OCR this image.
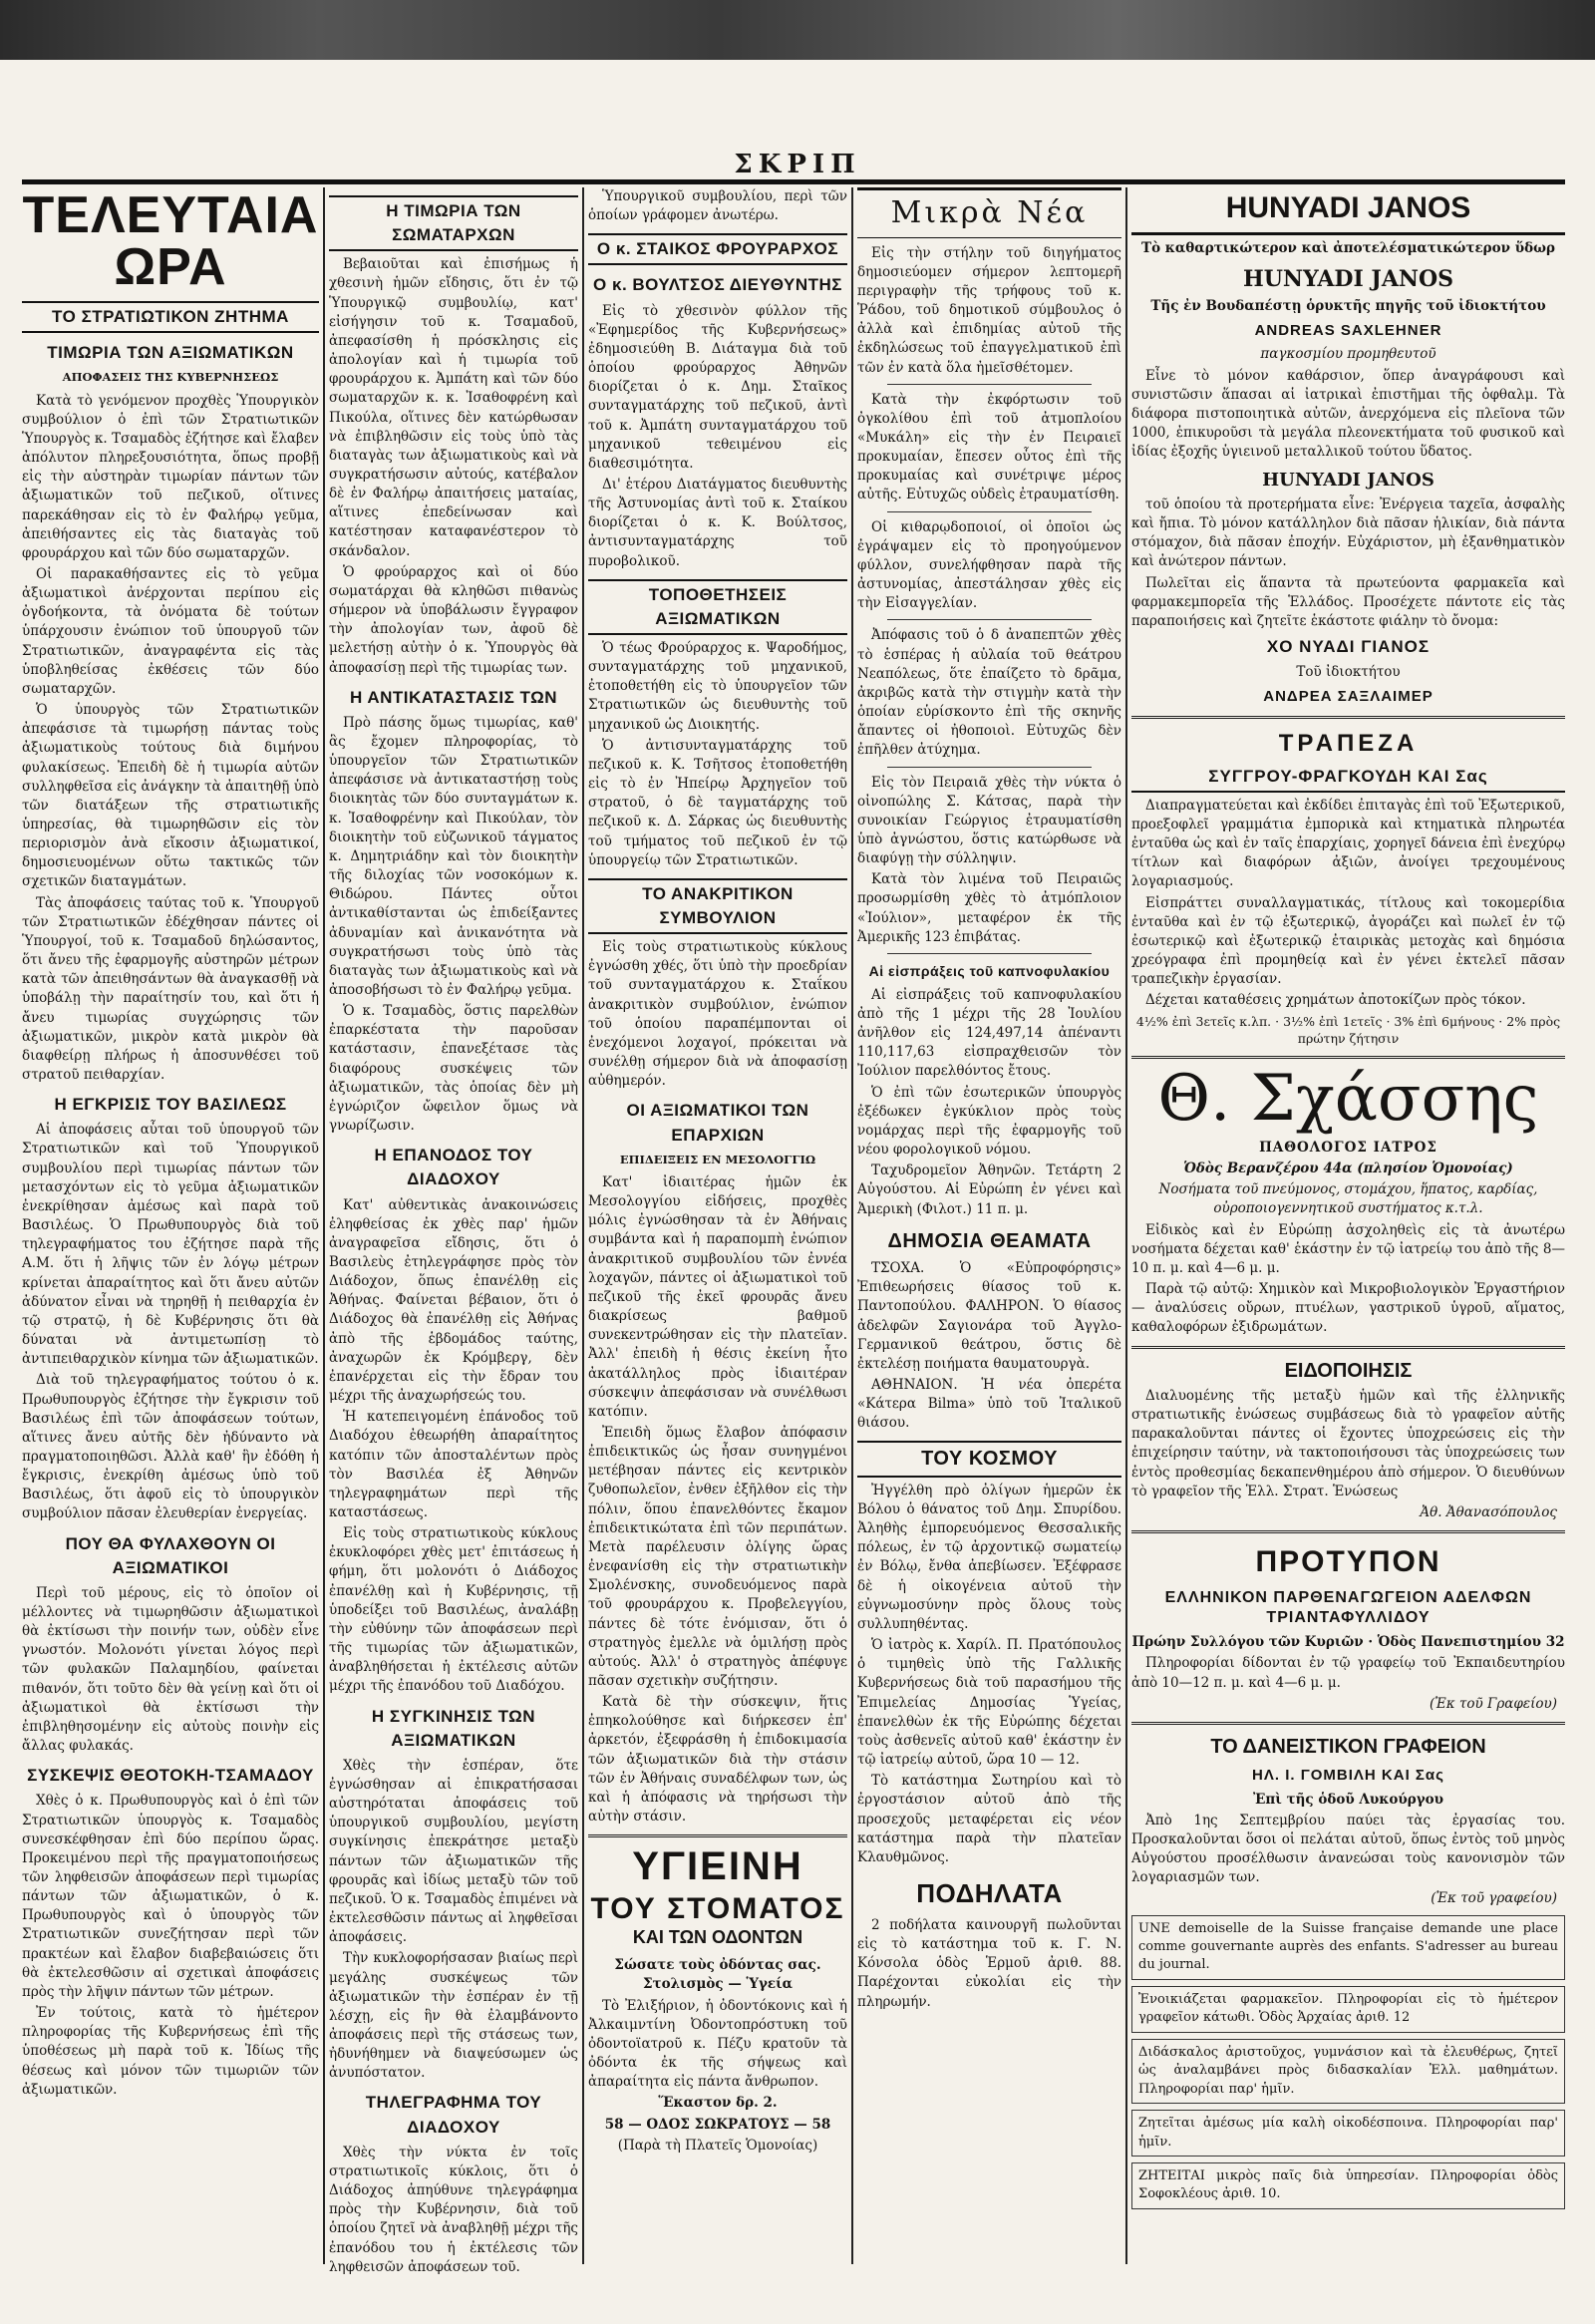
ΣΚΡΙΠ
ΤΕΛΕΥΤΑΙΑ ΩΡΑ
ΤΟ ΣΤΡΑΤΙΩΤΙΚΟΝ ΖΗΤΗΜΑ
ΤΙΜΩΡΙΑ ΤΩΝ ΑΞΙΩΜΑΤΙΚΩΝ
ΑΠΟΦΑΣΕΙΣ ΤΗΣ ΚΥΒΕΡΝΗΣΕΩΣ

Κατὰ τὸ γενόμενον προχθὲς Ὑπουργικὸν συμβούλιον ὁ ἐπὶ τῶν Στρατιωτικῶν Ὑπουργὸς κ. Τσαμαδὸς ἐζήτησε καὶ ἔλαβεν ἀπόλυτον πληρεξουσιότητα, ὅπως προβῇ εἰς τὴν αὐστηρὰν τιμωρίαν πάντων τῶν ἀξιωματικῶν τοῦ πεζικοῦ, οἵτινες παρεκάθησαν εἰς τὸ ἐν Φαλήρῳ γεῦμα, ἀπειθήσαντες εἰς τὰς διαταγὰς τοῦ φρουράρχου καὶ τῶν δύο σωματαρχῶν.

Οἱ παρακαθήσαντες εἰς τὸ γεῦμα ἀξιωματικοὶ ἀνέρχονται περίπου εἰς ὀγδοήκοντα, τὰ ὀνόματα δὲ τούτων ὑπάρχουσιν ἐνώπιον τοῦ ὑπουργοῦ τῶν Στρατιωτικῶν, ἀναγραφέντα εἰς τὰς ὑποβληθείσας ἐκθέσεις τῶν δύο σωματαρχῶν.

Ὁ ὑπουργὸς τῶν Στρατιωτικῶν ἀπεφάσισε τὰ τιμωρήσῃ πάντας τοὺς ἀξιωματικοὺς τούτους διὰ διμήνου φυλακίσεως. Ἐπειδὴ δὲ ἡ τιμωρία αὐτῶν συλληφθεῖσα εἰς ἀνάγκην τὰ ἀπαιτηθῇ ὑπὸ τῶν διατάξεων τῆς στρατιωτικῆς ὑπηρεσίας, θὰ τιμωρηθῶσιν εἰς τὸν περιορισμὸν ἀνὰ εἴκοσιν ἀξιωματικοί, δημοσιευομένων οὕτω τακτικῶς τῶν σχετικῶν διαταγμάτων.

Τὰς ἀποφάσεις ταύτας τοῦ κ. Ὑπουργοῦ τῶν Στρατιωτικῶν ἐδέχθησαν πάντες οἱ Ὑπουργοί, τοῦ κ. Τσαμαδοῦ δηλώσαντος, ὅτι ἄνευ τῆς ἐφαρμογῆς αὐστηρῶν μέτρων κατὰ τῶν ἀπειθησάντων θὰ ἀναγκασθῇ νὰ ὑποβάλῃ τὴν παραίτησίν του, καὶ ὅτι ἡ ἄνευ τιμωρίας συγχώρησις τῶν ἀξιωματικῶν, μικρὸν κατὰ μικρὸν θὰ διαφθείρῃ πλήρως ἡ ἀποσυνθέσει τοῦ στρατοῦ πειθαρχίαν.

Η ΕΓΚΡΙΣΙΣ ΤΟΥ ΒΑΣΙΛΕΩΣ

Αἱ ἀποφάσεις αὗται τοῦ ὑπουργοῦ τῶν Στρατιωτικῶν καὶ τοῦ Ὑπουργικοῦ συμβουλίου περὶ τιμωρίας πάντων τῶν μετασχόντων εἰς τὸ γεῦμα ἀξιωματικῶν ἐνεκρίθησαν ἀμέσως καὶ παρὰ τοῦ Βασιλέως. Ὁ Πρωθυπουργὸς διὰ τοῦ τηλεγραφήματος του ἐζήτησε παρὰ τῆς Α.Μ. ὅτι ἡ λῆψις τῶν ἐν λόγῳ μέτρων κρίνεται ἀπαραίτητος καὶ ὅτι ἄνευ αὐτῶν ἀδύνατον εἶναι νὰ τηρηθῇ ἡ πειθαρχία ἐν τῷ στρατῷ, ἡ δὲ Κυβέρνησις ὅτι θὰ δύναται νὰ ἀντιμετωπίσῃ τὸ ἀντιπειθαρχικὸν κίνημα τῶν ἀξιωματικῶν.

Διὰ τοῦ τηλεγραφήματος τούτου ὁ κ. Πρωθυπουργὸς ἐζήτησε τὴν ἔγκρισιν τοῦ Βασιλέως ἐπὶ τῶν ἀποφάσεων τούτων, αἵτινες ἄνευ αὐτῆς δὲν ἠδύναντο νὰ πραγματοποιηθῶσι. Ἀλλὰ καθ' ἣν ἐδόθη ἡ ἔγκρισις, ἐνεκρίθη ἀμέσως ὑπὸ τοῦ Βασιλέως, ὅτι ἀφοῦ εἰς τὸ ὑπουργικὸν συμβούλιον πᾶσαν ἐλευθερίαν ἐνεργείας.

ΠΟΥ ΘΑ ΦΥΛΑΧΘΟΥΝ ΟΙ ΑΞΙΩΜΑΤΙΚΟΙ

Περὶ τοῦ μέρους, εἰς τὸ ὁποῖον οἱ μέλλοντες νὰ τιμωρηθῶσιν ἀξιωματικοὶ θὰ ἐκτίσωσι τὴν ποινήν των, οὐδὲν εἶνε γνωστόν. Μολονότι γίνεται λόγος περὶ τῶν φυλακῶν Παλαμηδίου, φαίνεται πιθανόν, ὅτι τοῦτο δὲν θὰ γείνῃ καὶ ὅτι οἱ ἀξιωματικοὶ θὰ ἐκτίσωσι τὴν ἐπιβληθησομένην εἰς αὐτοὺς ποινὴν εἰς ἄλλας φυλακάς.

ΣΥΣΚΕΨΙΣ ΘΕΟΤΟΚΗ-ΤΣΑΜΑΔΟΥ

Χθὲς ὁ κ. Πρωθυπουργὸς καὶ ὁ ἐπὶ τῶν Στρατιωτικῶν ὑπουργὸς κ. Τσαμαδὸς συνεσκέφθησαν ἐπὶ δύο περίπου ὥρας. Προκειμένου περὶ τῆς πραγματοποιήσεως τῶν ληφθεισῶν ἀποφάσεων περὶ τιμωρίας πάντων τῶν ἀξιωματικῶν, ὁ κ. Πρωθυπουργὸς καὶ ὁ ὑπουργὸς τῶν Στρατιωτικῶν συνεζήτησαν περὶ τῶν πρακτέων καὶ ἔλαβον διαβεβαιώσεις ὅτι θὰ ἐκτελεσθῶσιν αἱ σχετικαὶ ἀποφάσεις πρὸς τὴν λῆψιν πάντων τῶν μέτρων.

Ἐν τούτοις, κατὰ τὸ ἡμέτερον πληροφορίας τῆς Κυβερνήσεως ἐπὶ τῆς ὑποθέσεως μὴ παρὰ τοῦ κ. Ἰδίως τῆς θέσεως καὶ μόνον τῶν τιμωριῶν τῶν ἀξιωματικῶν.

Η ΤΙΜΩΡΙΑ ΤΩΝ ΣΩΜΑΤΑΡΧΩΝ

Βεβαιοῦται καὶ ἐπισήμως ἡ χθεσινὴ ἡμῶν εἴδησις, ὅτι ἐν τῷ Ὑπουργικῷ συμβουλίῳ, κατ' εἰσήγησιν τοῦ κ. Τσαμαδοῦ, ἀπεφασίσθη ἡ πρόσκλησις εἰς ἀπολογίαν καὶ ἡ τιμωρία τοῦ φρουράρχου κ. Ἀμπάτη καὶ τῶν δύο σωματαρχῶν κ. κ. Ἰσαθοφρένη καὶ Πικούλα, οἵτινες δὲν κατώρθωσαν νὰ ἐπιβληθῶσιν εἰς τοὺς ὑπὸ τὰς διαταγὰς των ἀξιωματικοὺς καὶ νὰ συγκρατήσωσιν αὐτούς, κατέβαλον δὲ ἐν Φαλήρῳ ἀπαιτήσεις ματαίας, αἵτινες ἐπεδείνωσαν καὶ κατέστησαν καταφανέστερον τὸ σκάνδαλον.

Ὁ φρούραρχος καὶ οἱ δύο σωματάρχαι θὰ κληθῶσι πιθανὼς σήμερον νὰ ὑποβάλωσιν ἔγγραφον τὴν ἀπολογίαν των, ἀφοῦ δὲ μελετήσῃ αὐτὴν ὁ κ. Ὑπουργὸς θὰ ἀποφασίσῃ περὶ τῆς τιμωρίας των.

Η ΑΝΤΙΚΑΤΑΣΤΑΣΙΣ ΤΩΝ

Πρὸ πάσης ὅμως τιμωρίας, καθ' ἃς ἔχομεν πληροφορίας, τὸ ὑπουργεῖον τῶν Στρατιωτικῶν ἀπεφάσισε νὰ ἀντικαταστήσῃ τοὺς διοικητὰς τῶν δύο συνταγμάτων κ. κ. Ἰσαθοφρένην καὶ Πικούλαν, τὸν διοικητὴν τοῦ εὐζωνικοῦ τάγματος κ. Δημητριάδην καὶ τὸν διοικητὴν τῆς διλοχίας τῶν νοσοκόμων κ. Θιδώρου. Πάντες οὗτοι ἀντικαθίστανται ὡς ἐπιδείξαντες ἀδυναμίαν καὶ ἀνικανότητα νὰ συγκρατήσωσι τοὺς ὑπὸ τὰς διαταγὰς των ἀξιωματικοὺς καὶ νὰ ἀποσοβήσωσι τὸ ἐν Φαλήρῳ γεῦμα.

Ὁ κ. Τσαμαδὸς, ὅστις παρελθὼν ἐπαρκέστατα τὴν παροῦσαν κατάστασιν, ἐπανεξέτασε τὰς διαφόρους συσκέψεις τῶν ἀξιωματικῶν, τὰς ὁποίας δὲν μὴ ἐγνώριζον ὤφειλον ὅμως νὰ γνωρίζωσιν.

Η ΕΠΑΝΟΔΟΣ ΤΟΥ ΔΙΑΔΟΧΟΥ

Κατ' αὐθεντικὰς ἀνακοινώσεις ἐληφθείσας ἐκ χθὲς παρ' ἡμῶν ἀναγραφεῖσα εἴδησις, ὅτι ὁ Βασιλεὺς ἐτηλεγράφησε πρὸς τὸν Διάδοχον, ὅπως ἐπανέλθῃ εἰς Ἀθήνας. Φαίνεται βέβαιον, ὅτι ὁ Διάδοχος θὰ ἐπανέλθῃ εἰς Ἀθήνας ἀπὸ τῆς ἑβδομάδος ταύτης, ἀναχωρῶν ἐκ Κρόμβεργ, δὲν ἐπανέρχεται εἰς τὴν ἔδραν του μέχρι τῆς ἀναχωρήσεώς του.

Ἡ κατεπειγομένη ἐπάνοδος τοῦ Διαδόχου ἐθεωρήθη ἀπαραίτητος κατόπιν τῶν ἀποσταλέντων πρὸς τὸν Βασιλέα ἐξ Ἀθηνῶν τηλεγραφημάτων περὶ τῆς καταστάσεως.

Εἰς τοὺς στρατιωτικοὺς κύκλους ἐκυκλοφόρει χθὲς μετ' ἐπιτάσεως ἡ φήμη, ὅτι μολονότι ὁ Διάδοχος ἐπανέλθῃ καὶ ἡ Κυβέρνησις, τῇ ὑποδείξει τοῦ Βασιλέως, ἀναλάβῃ τὴν εὐθύνην τῶν ἀποφάσεων περὶ τῆς τιμωρίας τῶν ἀξιωματικῶν, ἀναβληθήσεται ἡ ἐκτέλεσις αὐτῶν μέχρι τῆς ἐπανόδου τοῦ Διαδόχου.

Η ΣΥΓΚΙΝΗΣΙΣ ΤΩΝ ΑΞΙΩΜΑΤΙΚΩΝ

Χθὲς τὴν ἑσπέραν, ὅτε ἐγνώσθησαν αἱ ἐπικρατήσασαι αὐστηρόταται ἀποφάσεις τοῦ ὑπουργικοῦ συμβουλίου, μεγίστη συγκίνησις ἐπεκράτησε μεταξὺ πάντων τῶν ἀξιωματικῶν τῆς φρουρᾶς καὶ ἰδίως μεταξὺ τῶν τοῦ πεζικοῦ. Ὁ κ. Τσαμαδὸς ἐπιμένει νὰ ἐκτελεσθῶσιν πάντως αἱ ληφθεῖσαι ἀποφάσεις.

Τὴν κυκλοφορήσασαν βιαίως περὶ μεγάλης συσκέψεως τῶν ἀξιωματικῶν τὴν ἑσπέραν ἐν τῇ λέσχῃ, εἰς ἣν θὰ ἐλαμβάνοντο ἀποφάσεις περὶ τῆς στάσεως των, ἠδυνήθημεν νὰ διαψεύσωμεν ὡς ἀνυπόστατον.

ΤΗΛΕΓΡΑΦΗΜΑ ΤΟΥ ΔΙΑΔΟΧΟΥ

Χθὲς τὴν νύκτα ἐν τοῖς στρατιωτικοῖς κύκλοις, ὅτι ὁ Διάδοχος ἀπηύθυνε τηλεγράφημα πρὸς τὴν Κυβέρνησιν, διὰ τοῦ ὁποίου ζητεῖ νὰ ἀναβληθῇ μέχρι τῆς ἐπανόδου του ἡ ἐκτέλεσις τῶν ληφθεισῶν ἀποφάσεων τοῦ.

Ὑπουργικοῦ συμβουλίου, περὶ τῶν ὁποίων γράφομεν ἀνωτέρω.

Ο κ. ΣΤΑΙΚΟΣ ΦΡΟΥΡΑΡΧΟΣ
Ο κ. ΒΟΥΛΤΣΟΣ ΔΙΕΥΘΥΝΤΗΣ

Εἰς τὸ χθεσινὸν φύλλον τῆς «Ἐφημερίδος τῆς Κυβερνήσεως» ἐδημοσιεύθη Β. Διάταγμα διὰ τοῦ ὁποίου φρούραρχος Ἀθηνῶν διορίζεται ὁ κ. Δημ. Σταῖκος συνταγματάρχης τοῦ πεζικοῦ, ἀντὶ τοῦ κ. Ἀμπάτη συνταγματάρχου τοῦ μηχανικοῦ τεθειμένου εἰς διαθεσιμότητα.

Δι' ἑτέρου Διατάγματος διευθυντὴς τῆς Ἀστυνομίας ἀντὶ τοῦ κ. Σταίκου διορίζεται ὁ κ. Κ. Βούλτσος, ἀντισυνταγματάρχης τοῦ πυροβολικοῦ.

ΤΟΠΟΘΕΤΗΣΕΙΣ ΑΞΙΩΜΑΤΙΚΩΝ

Ὁ τέως Φρούραρχος κ. Ψαροδήμος, συνταγματάρχης τοῦ μηχανικοῦ, ἐτοποθετήθη εἰς τὸ ὑπουργεῖον τῶν Στρατιωτικῶν ὡς διευθυντὴς τοῦ μηχανικοῦ ὡς Διοικητής.

Ὁ ἀντισυνταγματάρχης τοῦ πεζικοῦ κ. Κ. Τσῆτσος ἐτοποθετήθη εἰς τὸ ἐν Ἠπείρῳ Ἀρχηγεῖον τοῦ στρατοῦ, ὁ δὲ ταγματάρχης τοῦ πεζικοῦ κ. Δ. Σάρκας ὡς διευθυντὴς τοῦ τμήματος τοῦ πεζικοῦ ἐν τῷ ὑπουργείῳ τῶν Στρατιωτικῶν.

ΤΟ ΑΝΑΚΡΙΤΙΚΟΝ ΣΥΜΒΟΥΛΙΟΝ

Εἰς τοὺς στρατιωτικοὺς κύκλους ἐγνώσθη χθές, ὅτι ὑπὸ τὴν προεδρίαν τοῦ συνταγματάρχου κ. Σταΐκου ἀνακριτικὸν συμβούλιον, ἐνώπιον τοῦ ὁποίου παραπέμπονται οἱ ἐνεχόμενοι λοχαγοί, πρόκειται νὰ συνέλθῃ σήμερον διὰ νὰ ἀποφασίσῃ αὐθημερόν.

ΟΙ ΑΞΙΩΜΑΤΙΚΟΙ ΤΩΝ ΕΠΑΡΧΙΩΝ
ΕΠΙΔΕΙΞΕΙΣ ΕΝ ΜΕΣΟΛΟΓΓΙΩ

Κατ' ἰδιαιτέρας ἡμῶν ἐκ Μεσολογγίου εἰδήσεις, προχθὲς μόλις ἐγνώσθησαν τὰ ἐν Ἀθήναις συμβάντα καὶ ἡ παραπομπὴ ἐνώπιον ἀνακριτικοῦ συμβουλίου τῶν ἐννέα λοχαγῶν, πάντες οἱ ἀξιωματικοὶ τοῦ πεζικοῦ τῆς ἐκεῖ φρουρᾶς ἄνευ διακρίσεως βαθμοῦ συνεκεντρώθησαν εἰς τὴν πλατεῖαν. Ἀλλ' ἐπειδὴ ἡ θέσις ἐκείνη ἦτο ἀκατάλληλος πρὸς ἰδιαιτέραν σύσκεψιν ἀπεφάσισαν νὰ συνέλθωσι κατόπιν.

Ἐπειδὴ ὅμως ἔλαβον ἀπόφασιν ἐπιδεικτικῶς ὡς ἦσαν συνηγμένοι μετέβησαν πάντες εἰς κεντρικὸν ζυθοπωλεῖον, ἐνθεν ἐξῆλθον εἰς τὴν πόλιν, ὅπου ἐπανελθόντες ἔκαμον ἐπιδεικτικώτατα ἐπὶ τῶν περιπάτων. Μετὰ παρέλευσιν ὀλίγης ὥρας ἐνεφανίσθη εἰς τὴν στρατιωτικὴν Σμολένσκης, συνοδευόμενος παρὰ τοῦ φρουράρχου κ. Προβελεγγίου, πάντες δὲ τότε ἐνόμισαν, ὅτι ὁ στρατηγὸς ἐμελλε νὰ ὁμιλήσῃ πρὸς αὐτούς. Ἀλλ' ὁ στρατηγὸς ἀπέφυγε πᾶσαν σχετικὴν συζήτησιν.

Κατὰ δὲ τὴν σύσκεψιν, ἥτις ἐπηκολούθησε καὶ διήρκεσεν ἐπ' ἀρκετόν, ἐξεφράσθη ἡ ἐπιδοκιμασία τῶν ἀξιωματικῶν διὰ τὴν στάσιν τῶν ἐν Ἀθήναις συναδέλφων των, ὡς καὶ ἡ ἀπόφασις νὰ τηρήσωσι τὴν αὐτὴν στάσιν.

ΥΓΙΕΙΝΗ
ΤΟΥ ΣΤΟΜΑΤΟΣ
ΚΑΙ ΤΩΝ ΟΔΟΝΤΩΝ
Σώσατε τοὺς ὀδόντας σας. Στολισμὸς — Ὑγεία

Τὸ Ἐλιξήριον, ἡ ὀδοντόκονις καὶ ἡ Ἀλκαιμντίνη Ὀδοντοπρόστυκη τοῦ ὀδοντοϊατροῦ κ. Πέζυ κρατοῦν τὰ ὀδόντα ἐκ τῆς σήψεως καὶ ἀπαραίτητα εἰς πάντα ἄνθρωπον.

Ἕκαστον δρ. 2.
58 — ΟΔΟΣ ΣΩΚΡΑΤΟΥΣ — 58
(Παρὰ τὴ Πλατεῖς Ὁμονοίας)
Μικρὰ Νέα

Εἰς τὴν στήλην τοῦ διηγήματος δημοσιεύομεν σήμερον λεπτομερῆ περιγραφὴν τῆς τρήφους τοῦ κ. Ῥάδου, τοῦ δημοτικοῦ σύμβουλος ὁ ἀλλὰ καὶ ἐπιδημίας αὐτοῦ τῆς ἐκδηλώσεως τοῦ ἐπαγγελματικοῦ ἐπὶ τῶν ἐν κατὰ ὅλα ἠμεῖσθέτομεν.

Κατὰ τὴν ἐκφόρτωσιν τοῦ ὀγκολίθου ἐπὶ τοῦ ἀτμοπλοίου «Μυκάλη» εἰς τὴν ἐν Πειραιεῖ προκυμαίαν, ἔπεσεν οὗτος ἐπὶ τῆς προκυμαίας καὶ συνέτριψε μέρος αὐτῆς. Εὐτυχῶς οὐδεὶς ἐτραυματίσθη.

Οἱ κιθαρῳδοποιοί, οἱ ὁποῖοι ὡς ἐγράψαμεν εἰς τὸ προηγούμενον φύλλον, συνελήφθησαν παρὰ τῆς ἀστυνομίας, ἀπεστάλησαν χθὲς εἰς τὴν Εἰσαγγελίαν.

Ἀπόφασις τοῦ ὁ δ ἀναπεπτῶν χθὲς τὸ ἑσπέρας ἡ αὐλαία τοῦ θεάτρου Νεαπόλεως, ὅτε ἐπαίζετο τὸ δρᾶμα, ἀκριβῶς κατὰ τὴν στιγμὴν κατὰ τὴν ὁποίαν εὑρίσκοντο ἐπὶ τῆς σκηνῆς ἄπαντες οἱ ἠθοποιοὶ. Εὐτυχῶς δὲν ἐπῆλθεν ἀτύχημα.

Εἰς τὸν Πειραιᾶ χθὲς τὴν νύκτα ὁ οἰνοπώλης Σ. Κάτσας, παρὰ τὴν συνοικίαν Γεώργιος ἐτραυματίσθη ὑπὸ ἀγνώστου, ὅστις κατώρθωσε νὰ διαφύγῃ τὴν σύλληψιν.

Κατὰ τὸν λιμένα τοῦ Πειραιῶς προσωρμίσθη χθὲς τὸ ἀτμόπλοιον «Ἰούλιον», μεταφέρον ἐκ τῆς Ἀμερικῆς 123 ἐπιβάτας.

Αἱ εἰσπράξεις τοῦ καπνοφυλακίου

Αἱ εἰσπράξεις τοῦ καπνοφυλακίου ἀπὸ τῆς 1 μέχρι τῆς 28 Ἰουλίου ἀνῆλθον εἰς 124,497,14 ἀπέναντι 110,117,63 εἰσπραχθεισῶν τὸν Ἰούλιον παρελθόντος ἔτους.

Ὁ ἐπὶ τῶν ἐσωτερικῶν ὑπουργὸς ἐξέδωκεν ἐγκύκλιον πρὸς τοὺς νομάρχας περὶ τῆς ἐφαρμογῆς τοῦ νέου φορολογικοῦ νόμου.

Ταχυδρομεῖον Ἀθηνῶν. Τετάρτη 2 Αὐγούστου. Αἱ Εὐρώπη ἐν γένει καὶ Ἀμερικὴ (Φιλοτ.) 11 π. μ.

ΔΗΜΟΣΙΑ ΘΕΑΜΑΤΑ

ΤΣΟΧΑ. Ὁ «Εὐπροφόρησις» Ἐπιθεωρήσεις θίασος τοῦ κ. Παντοπούλου. ΦΑΛΗΡΟΝ. Ὁ θίασος ἀδελφῶν Σαγιονάρα τοῦ Ἀγγλο-Γερμανικοῦ θεάτρου, ὅστις δὲ ἐκτελέσῃ ποιήματα θαυματουργὰ.

ΑΘΗΝΑΙΟΝ. Ἡ νέα ὀπερέτα «Κάτερα Bilma» ὑπὸ τοῦ Ἰταλικοῦ θιάσου.

ΤΟΥ ΚΟΣΜΟΥ

Ἠγγέλθη πρὸ ὀλίγων ἡμερῶν ἐκ Βόλου ὁ θάνατος τοῦ Δημ. Σπυρίδου. Ἀληθὴς ἐμπορευόμενος Θεσσαλικῆς πόλεως, ἐν τῷ ἀρχοντικῷ σωματείῳ ἐν Βόλῳ, ἔνθα ἀπεβίωσεν. Ἐξέφρασε δὲ ἡ οἰκογένεια αὐτοῦ τὴν εὐγνωμοσύνην πρὸς ὅλους τοὺς συλλυπηθέντας.

Ὁ ἰατρὸς κ. Χαρίλ. Π. Πρατόπουλος ὁ τιμηθεὶς ὑπὸ τῆς Γαλλικῆς Κυβερνήσεως διὰ τοῦ παρασήμου τῆς Ἐπιμελείας Δημοσίας Ὑγείας, ἐπανελθὼν ἐκ τῆς Εὐρώπης δέχεται τοὺς ἀσθενεῖς αὐτοῦ καθ' ἑκάστην ἐν τῷ ἰατρείῳ αὐτοῦ, ὥρα 10 — 12.

Τὸ κατάστημα Σωτηρίου καὶ τὸ ἐργοστάσιον αὐτοῦ ἀπὸ τῆς προσεχοῦς μεταφέρεται εἰς νέον κατάστημα παρὰ τὴν πλατεῖαν Κλαυθμῶνος.

ΠΟΔΗΛΑΤΑ

2 ποδήλατα καινουργῆ πωλοῦνται εἰς τὸ κατάστημα τοῦ κ. Γ. Ν. Κόνσολα ὁδὸς Ἑρμοῦ ἀριθ. 88. Παρέχονται εὐκολίαι εἰς τὴν πληρωμήν.

HUNYADI JANOS
Τὸ καθαρτικώτερον καὶ ἀποτελέσματικώτερον ὕδωρ
HUNYADI JANOS
Τῆς ἐν Βουδαπέστῃ ὁρυκτῆς πηγῆς τοῦ ἰδιοκτήτου
ANDREAS SAXLEHNER
παγκοσμίου προμηθευτοῦ

Εἶνε τὸ μόνον καθάρσιον, ὅπερ ἀναγράφουσι καὶ συνιστῶσιν ἅπασαι αἱ ἰατρικαὶ ἐπιστῆμαι τῆς ὀφθαλμ. Τὰ διάφορα πιστοποιητικὰ αὐτῶν, ἀνερχόμενα εἰς πλεῖονα τῶν 1000, ἐπικυροῦσι τὰ μεγάλα πλεονεκτήματα τοῦ φυσικοῦ καὶ ἰδίας ἐξοχῆς ὑγιεινοῦ μεταλλικοῦ τούτου ὕδατος.

HUNYADI JANOS

τοῦ ὁποίου τὰ προτερήματα εἶνε: Ἐνέργεια ταχεῖα, ἀσφαλὴς καὶ ἤπια. Τὸ μόνον κατάλληλον διὰ πᾶσαν ἡλικίαν, διὰ πάντα στόμαχον, διὰ πᾶσαν ἐποχήν. Εὐχάριστον, μὴ ἐξανθηματικὸν καὶ ἀνώτερον πάντων.

Πωλεῖται εἰς ἅπαντα τὰ πρωτεύοντα φαρμακεῖα καὶ φαρμακεμπορεῖα τῆς Ἑλλάδος. Προσέχετε πάντοτε εἰς τὰς παραποιήσεις καὶ ζητεῖτε ἑκάστοτε φιάλην τὸ ὄνομα:

ΧΟ ΝΥΑΔΙ ΓΙΑΝΟΣ
Τοῦ ἰδιοκτήτου
ΑΝΔΡΕΑ ΣΑΞΛΑΙΜΕΡ
ΤΡΑΠΕΖΑ
ΣΥΓΓΡΟΥ-ΦΡΑΓΚΟΥΔΗ ΚΑΙ Σας

Διαπραγματεύεται καὶ ἐκδίδει ἐπιταγὰς ἐπὶ τοῦ Ἐξωτερικοῦ, προεξοφλεῖ γραμμάτια ἐμπορικὰ καὶ κτηματικὰ πληρωτέα ἐνταῦθα ὡς καὶ ἐν ταῖς ἐπαρχίαις, χορηγεῖ δάνεια ἐπὶ ἐνεχύρῳ τίτλων καὶ διαφόρων ἀξιῶν, ἀνοίγει τρεχουμένους λογαριασμούς.

Εἰσπράττει συναλλαγματικάς, τίτλους καὶ τοκομερίδια ἐνταῦθα καὶ ἐν τῷ ἐξωτερικῷ, ἀγοράζει καὶ πωλεῖ ἐν τῷ ἐσωτερικῷ καὶ ἐξωτερικῷ ἐταιρικὰς μετοχὰς καὶ δημόσια χρεόγραφα ἐπὶ προμηθείᾳ καὶ ἐν γένει ἐκτελεῖ πᾶσαν τραπεζικὴν ἐργασίαν.

Δέχεται καταθέσεις χρημάτων ἀποτοκίζων πρὸς τόκον.

4½% ἐπὶ 3ετεῖς κ.λπ. · 3½% ἐπὶ 1ετεῖς · 3% ἐπὶ 6μήνους · 2% πρὸς πρώτην ζήτησιν
Θ. Σχάσσης
ΠΑΘΟΛΟΓΟΣ ΙΑΤΡΟΣ
Ὁδὸς Βερανζέρου 44α (πλησίον Ὁμονοίας)
Νοσήματα τοῦ πνεύμονος, στομάχου, ἥπατος, καρδίας, οὐροποιογεννητικοῦ συστήματος κ.τ.λ.

Εἰδικὸς καὶ ἐν Εὐρώπῃ ἀσχοληθεὶς εἰς τὰ ἀνωτέρω νοσήματα δέχεται καθ' ἑκάστην ἐν τῷ ἰατρείῳ του ἀπὸ τῆς 8—10 π. μ. καὶ 4—6 μ. μ.

Παρὰ τῷ αὐτῷ: Χημικὸν καὶ Μικροβιολογικὸν Ἐργαστήριον — ἀναλύσεις οὔρων, πτυέλων, γαστρικοῦ ὑγροῦ, αἵματος, καθαλοφόρων ἐξιδρωμάτων.

ΕΙΔΟΠΟΙΗΣΙΣ

Διαλυομένης τῆς μεταξὺ ἡμῶν καὶ τῆς ἐλληνικῆς στρατιωτικῆς ἐνώσεως συμβάσεως διὰ τὸ γραφεῖον αὐτῆς παρακαλοῦνται πάντες οἱ ἔχοντες ὑποχρεώσεις εἰς τὴν ἐπιχείρησιν ταύτην, νὰ τακτοποιήσουσι τὰς ὑποχρεώσεις των ἐντὸς προθεσμίας δεκαπενθημέρου ἀπὸ σήμερον. Ὁ διευθύνων τὸ γραφεῖον τῆς Ἑλλ. Στρατ. Ἑνώσεως

Ἀθ. Ἀθανασόπουλος
ΠΡΟΤΥΠΟΝ
ΕΛΛΗΝΙΚΟΝ ΠΑΡΘΕΝΑΓΩΓΕΙΟΝ ΑΔΕΛΦΩΝ ΤΡΙΑΝΤΑΦΥΛΛΙΔΟΥ
Πρώην Συλλόγου τῶν Κυριῶν · Ὁδὸς Πανεπιστημίου 32

Πληροφορίαι δίδονται ἐν τῷ γραφείῳ τοῦ Ἐκπαιδευτηρίου ἀπὸ 10—12 π. μ. καὶ 4—6 μ. μ.

(Ἐκ τοῦ Γραφείου)
ΤΟ ΔΑΝΕΙΣΤΙΚΟΝ ΓΡΑΦΕΙΟΝ
ΗΛ. Ι. ΓΟΜΒΙΛΗ ΚΑΙ Σας
Ἐπὶ τῆς ὁδοῦ Λυκούργου

Ἀπὸ 1ης Σεπτεμβρίου παύει τὰς ἐργασίας του. Προσκαλοῦνται ὅσοι οἱ πελάται αὐτοῦ, ὅπως ἐντὸς τοῦ μηνὸς Αὐγούστου προσέλθωσιν ἀνανεώσαι τοὺς κανονισμὸν τῶν λογαριασμῶν των.

(Ἐκ τοῦ γραφείου)
UNE demoiselle de la Suisse française demande une place comme gouvernante auprès des enfants. S'adresser au bureau du journal.
Ἐνοικιάζεται φαρμακεῖον. Πληροφορίαι εἰς τὸ ἡμέτερον γραφεῖον κάτωθι. Ὁδὸς Ἀρχαίας ἀριθ. 12
Διδάσκαλος ἀριστοῦχος, γυμνάσιον καὶ τὰ ἐλευθέρως, ζητεῖ ὡς ἀναλαμβάνει πρὸς διδασκαλίαν Ἑλλ. μαθημάτων. Πληροφορίαι παρ' ἡμῖν.
Ζητεῖται ἀμέσως μία καλὴ οἰκοδέσποινα. Πληροφορίαι παρ' ἡμῖν.
ΖΗΤΕΙΤΑΙ μικρὸς παῖς διὰ ὑπηρεσίαν. Πληροφορίαι ὁδὸς Σοφοκλέους ἀριθ. 10.
